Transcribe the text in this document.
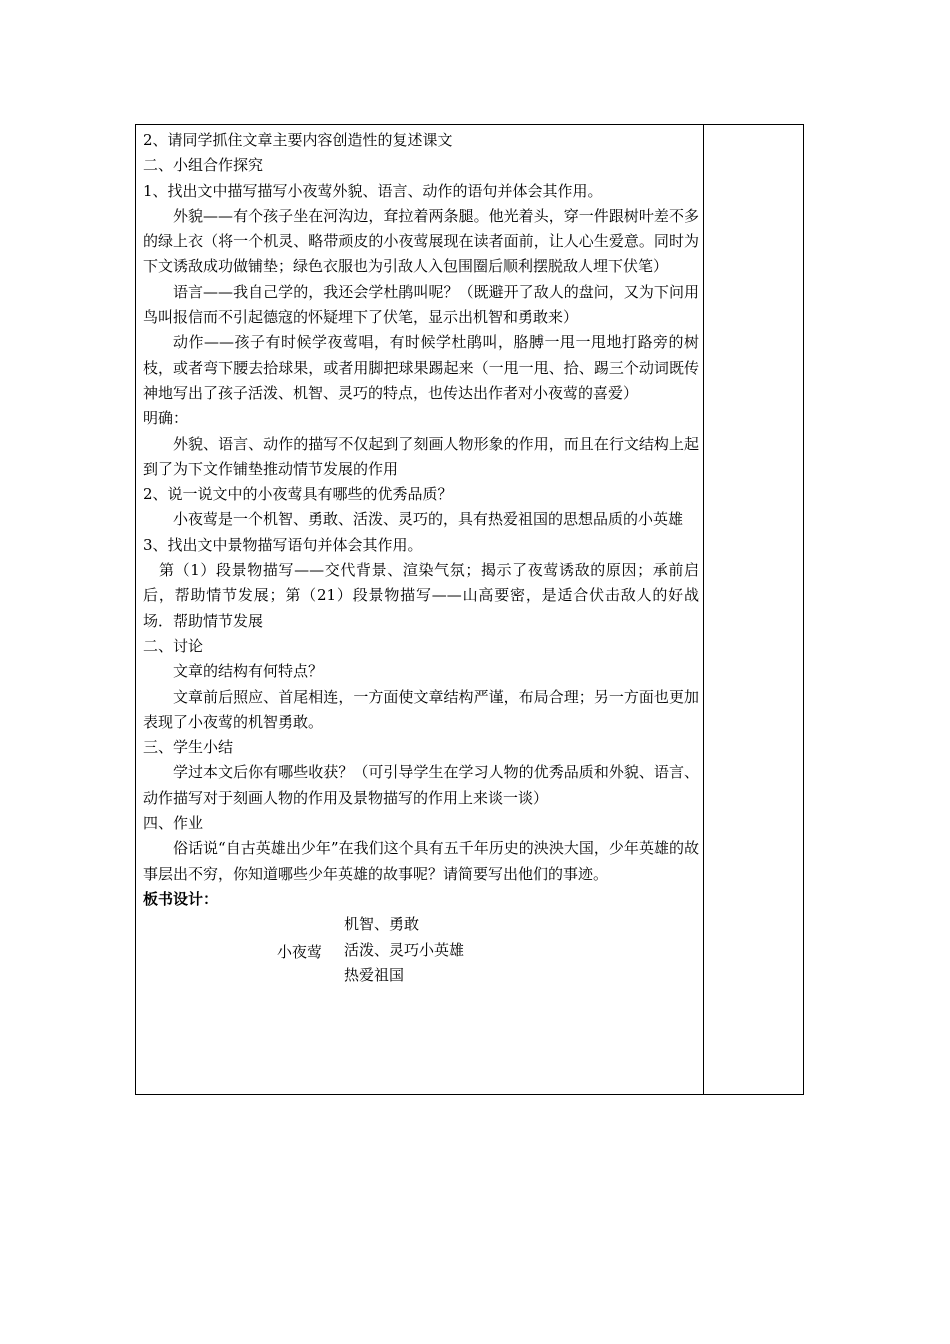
2、请同学抓住文章主要内容创造性的复述课文
二、小组合作探究
1、找出文中描写描写小夜莺外貌、语言、动作的语句并体会其作用。
外貌——有个孩子坐在河沟边，耷拉着两条腿。他光着头，穿一件跟树叶差不多的绿上衣（将一个机灵、略带顽皮的小夜莺展现在读者面前，让人心生爱意。同时为下文诱敌成功做铺垫；绿色衣服也为引敌人入包围圈后顺利摆脱敌人埋下伏笔）
语言——我自己学的，我还会学杜鹃叫呢？（既避开了敌人的盘问，又为下问用鸟叫报信而不引起德寇的怀疑埋下了伏笔，显示出机智和勇敢来）
动作——孩子有时候学夜莺唱，有时候学杜鹃叫，胳膊一甩一甩地打路旁的树枝，或者弯下腰去拾球果，或者用脚把球果踢起来（一甩一甩、拾、踢三个动词既传神地写出了孩子活泼、机智、灵巧的特点，也传达出作者对小夜莺的喜爱）
明确：
外貌、语言、动作的描写不仅起到了刻画人物形象的作用，而且在行文结构上起到了为下文作铺垫推动情节发展的作用
2、说一说文中的小夜莺具有哪些的优秀品质？
小夜莺是一个机智、勇敢、活泼、灵巧的，具有热爱祖国的思想品质的小英雄
3、找出文中景物描写语句并体会其作用。
第（1）段景物描写——交代背景、渲染气氛；揭示了夜莺诱敌的原因；承前启后，帮助情节发展；第（21）段景物描写——山高要密，是适合伏击敌人的好战场．帮助情节发展
二、讨论
文章的结构有何特点？
文章前后照应、首尾相连，一方面使文章结构严谨，布局合理；另一方面也更加表现了小夜莺的机智勇敢。
三、学生小结
学过本文后你有哪些收获？（可引导学生在学习人物的优秀品质和外貌、语言、动作描写对于刻画人物的作用及景物描写的作用上来谈一谈）
四、作业
俗话说“自古英雄出少年”在我们这个具有五千年历史的泱泱大国，少年英雄的故事层出不穷，你知道哪些少年英雄的故事呢？请简要写出他们的事迹。
板书设计：
小夜莺
机智、勇敢
活泼、灵巧小英雄
热爱祖国
